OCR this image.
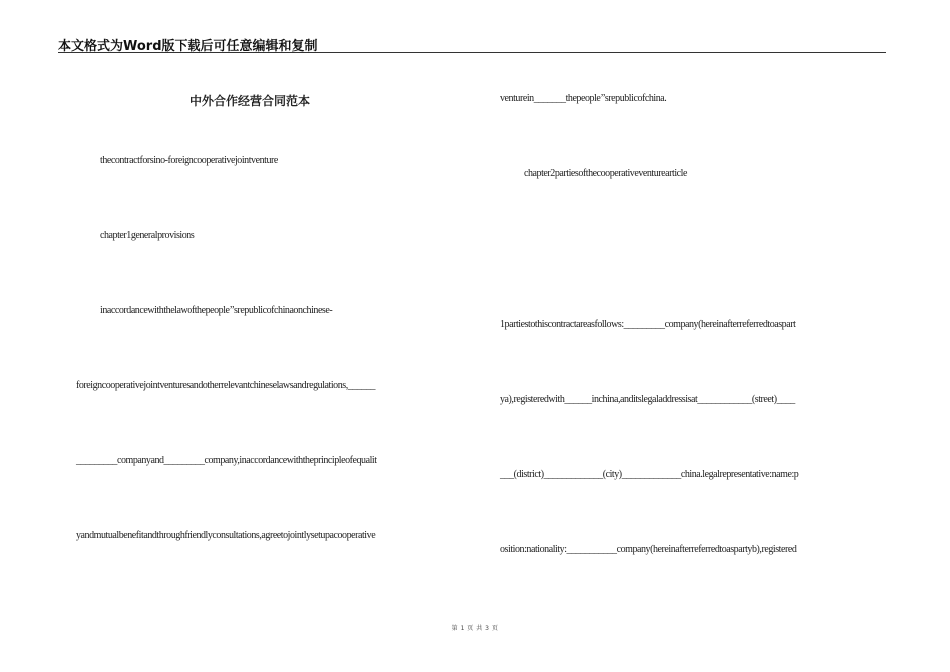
本文格式为Word版下载后可任意编辑和复制
中外合作经营合同范本
thecontractforsino-foreigncooperativejointventure
chapter1generalprovisions
inaccordancewiththelawofthepeople’’srepublicofchinaonchinese-
foreigncooperativejointventuresandotherrelevantchineselawsandregulations,______
_________companyand_________company,inaccordancewiththeprincipleofequalit
yandmutualbenefitandthroughfriendlyconsultations,agreetojointlysetupacooperative
venturein_______thepeople’’srepublicofchina.
chapter2partiesofthecooperativeventurearticle
1partiestothiscontractareasfollows:_________company(hereinafterreferredtoaspart
ya),registeredwith______inchina,anditslegaladdressisat____________(street)____
___(district)_____________(city)_____________china.legalrepresentative:name:p
osition:nationality:___________company(hereinafterreferredtoaspartyb),registered
第 1 页 共 3 页
